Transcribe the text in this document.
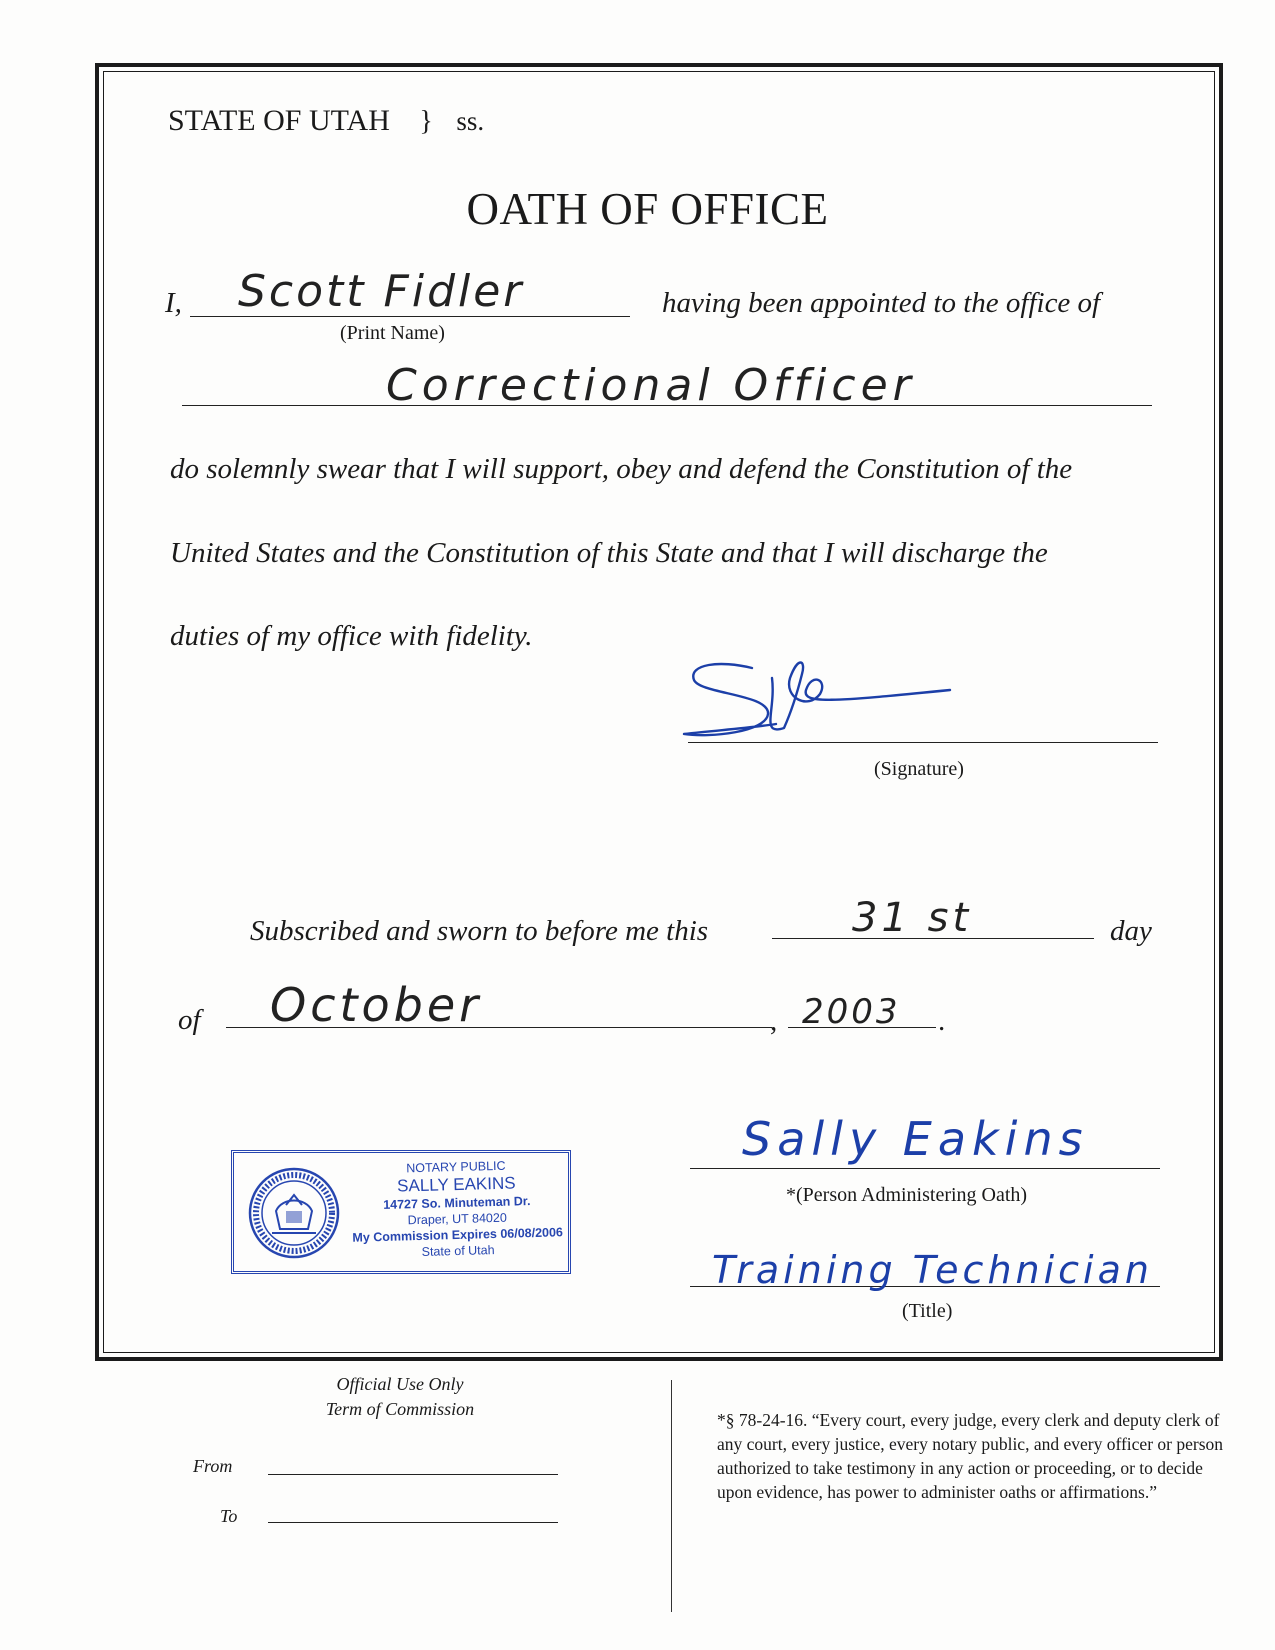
STATE OF UTAH } ss.
OATH OF OFFICE
I, Scott Fidler
(Print Name)
having been appointed to the office of
Correctional Officer
do solemnly swear that I will support, obey and defend the Constitution of the
United States and the Constitution of this State and that I will discharge the
duties of my office with fidelity.
(Signature)
Subscribed and sworn to before me this	31 st	day
of October	, 2003 .
NOTARY PUBLIC
SALLY EAKINS
14727 So. Minuteman Dr.
Draper, UT 84020
My Commission Expires 06/08/2006
State of Utah
Sally Eakins
*(Person Administering Oath)
Training Technician
(Title)
Official Use Only
Term of Commission
From
To
*§ 78-24-16. “Every court, every judge, every clerk and deputy clerk of any court, every justice, every notary public, and every officer or person authorized to take testimony in any action or proceeding, or to decide upon evidence, has power to administer oaths or affirmations.”
